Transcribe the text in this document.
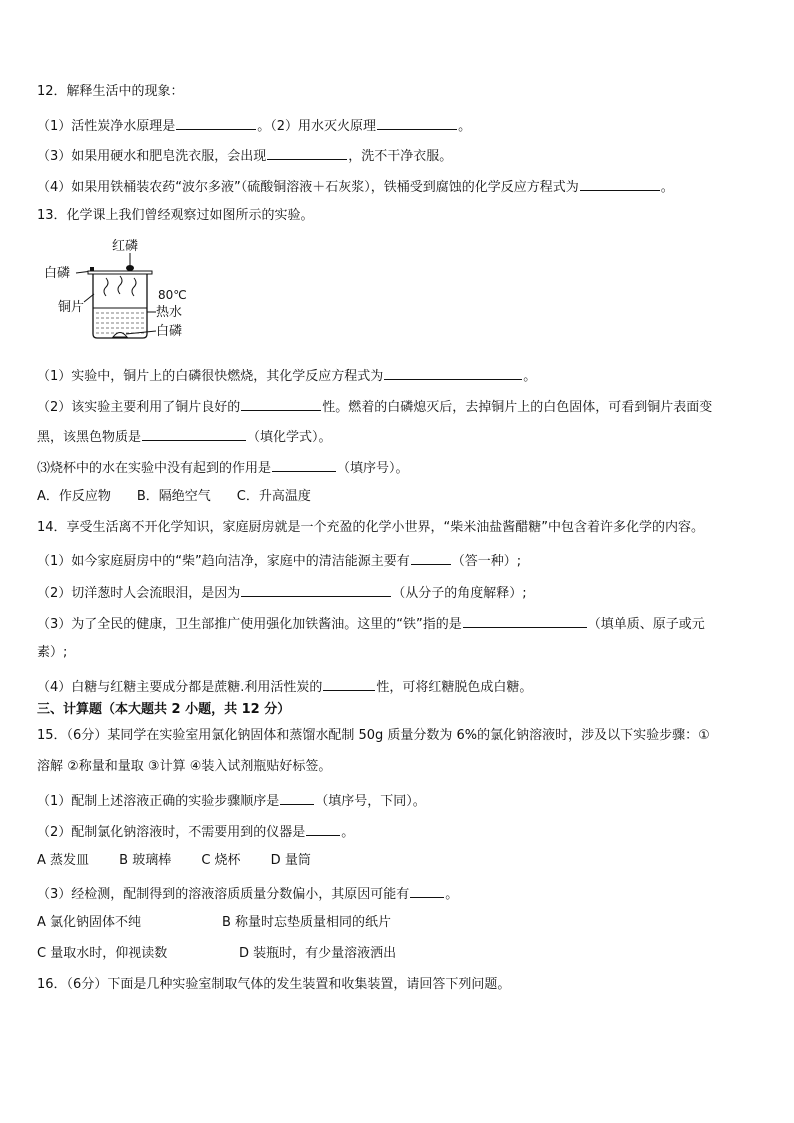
12．解释生活中的现象：
（1）活性炭净水原理是	。（2）用水灭火原理	。
（3）如果用硬水和肥皂洗衣服，会出现	，洗不干净衣服。
（4）如果用铁桶装农药“波尔多液”（硫酸铜溶液＋石灰浆），铁桶受到腐蚀的化学反应方程式为	。
13．化学课上我们曾经观察过如图所示的实验。
红磷
白磷
铜片
80℃
热水
白磷
（1）实验中，铜片上的白磷很快燃烧，其化学反应方程式为	。
（2）该实验主要利用了铜片良好的	性。燃着的白磷熄灭后，去掉铜片上的白色固体，可看到铜片表面变
黑，该黑色物质是	（填化学式）。
⑶烧杯中的水在实验中没有起到的作用是	（填序号）。
A．作反应物　　B．隔绝空气　　C．升高温度
14．享受生活离不开化学知识，家庭厨房就是一个充盈的化学小世界，“柴米油盐酱醋糖”中包含着许多化学的内容。
（1）如今家庭厨房中的“柴”趋向洁净，家庭中的清洁能源主要有	（答一种）;
（2）切洋葱时人会流眼泪，是因为	（从分子的角度解释）;
（3）为了全民的健康，卫生部推广使用强化加铁酱油。这里的“铁”指的是	（填单质、原子或元
素）;
（4）白糖与红糖主要成分都是蔗糖.利用活性炭的	性，可将红糖脱色成白糖。
三、计算题（本大题共 2 小题，共 12 分）
15．（6分）某同学在实验室用氯化钠固体和蒸馏水配制 50g 质量分数为 6%的氯化钠溶液时，涉及以下实验步骤：①
溶解 ②称量和量取 ③计算 ④装入试剂瓶贴好标签。
（1）配制上述溶液正确的实验步骤顺序是	（填序号，下同）。
（2）配制氯化钠溶液时，不需要用到的仪器是	。
A 蒸发皿　　 B 玻璃棒　　 C 烧杯　　 D 量筒
（3）经检测，配制得到的溶液溶质质量分数偏小，其原因可能有	。
A 氯化钠固体不纯	B 称量时忘垫质量相同的纸片
C 量取水时，仰视读数	D 装瓶时，有少量溶液洒出
16．（6分）下面是几种实验室制取气体的发生装置和收集装置，请回答下列问题。
